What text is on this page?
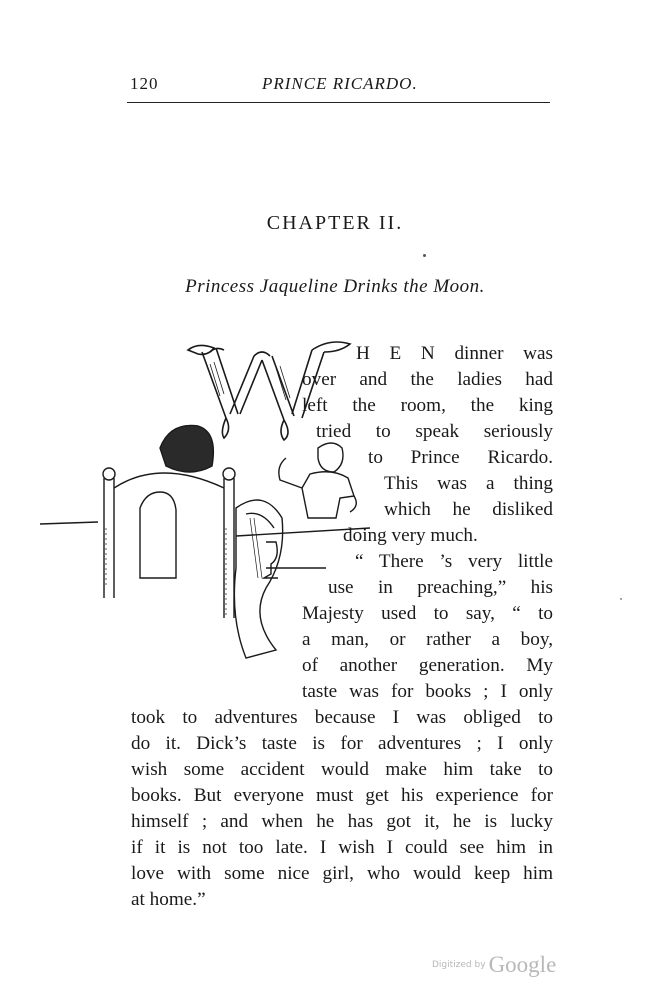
120	PRINCE RICARDO.
CHAPTER II.
Princess Jaqueline Drinks the Moon.
H E N dinner was
over and the ladies had
left the room, the king
tried to speak seriously
to Prince Ricardo.
This was a thing
which he disliked
doing very much.
“ There ’s very little
use in preaching,” his
Majesty used to say, “ to
a man, or rather a boy,
of another generation. My
taste was for books ; I only
took to adventures because I was obliged to
do it. Dick’s taste is for adventures ; I only
wish some accident would make him take to
books. But everyone must get his experience for
himself ; and when he has got it, he is lucky
if it is not too late. I wish I could see him in
love with some nice girl, who would keep him
at home.”
Digitized by Google
